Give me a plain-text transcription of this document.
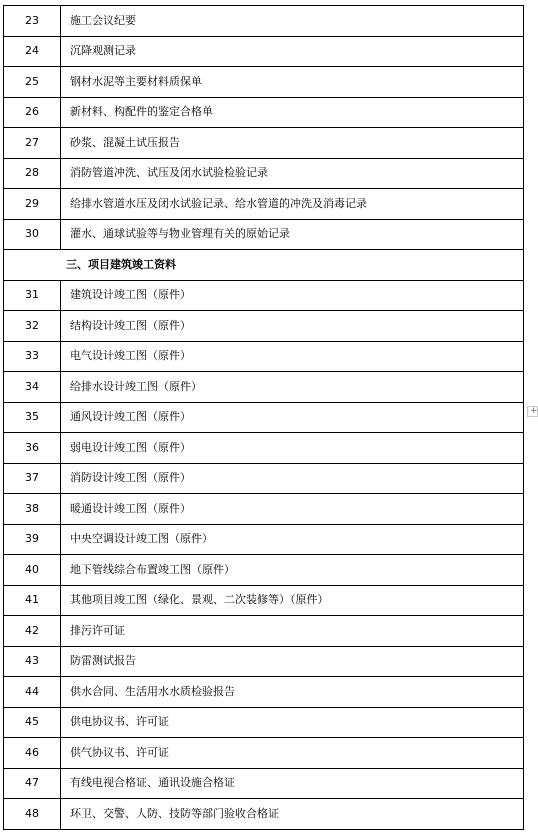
23	施工会议纪要
24	沉降观测记录
25	钢材水泥等主要材料质保单
26	新材料、构配件的鉴定合格单
27	砂浆、混凝土试压报告
28	消防管道冲洗、试压及闭水试验检验记录
29	给排水管道水压及闭水试验记录、给水管道的冲洗及消毒记录
30	灌水、通球试验等与物业管理有关的原始记录
三、项目建筑竣工资料	
31	建筑设计竣工图（原件）
32	结构设计竣工图（原件）
33	电气设计竣工图（原件）
34	给排水设计竣工图（原件）
35	通风设计竣工图（原件）
36	弱电设计竣工图（原件）
37	消防设计竣工图（原件）
38	暖通设计竣工图（原件）
39	中央空调设计竣工图（原件）
40	地下管线综合布置竣工图（原件）
41	其他项目竣工图（绿化、景观、二次装修等）（原件）
42	排污许可证
43	防雷测试报告
44	供水合同、生活用水水质检验报告
45	供电协议书、许可证
46	供气协议书、许可证
47	有线电视合格证、通讯设施合格证
48	环卫、交警、人防、技防等部门验收合格证
+
